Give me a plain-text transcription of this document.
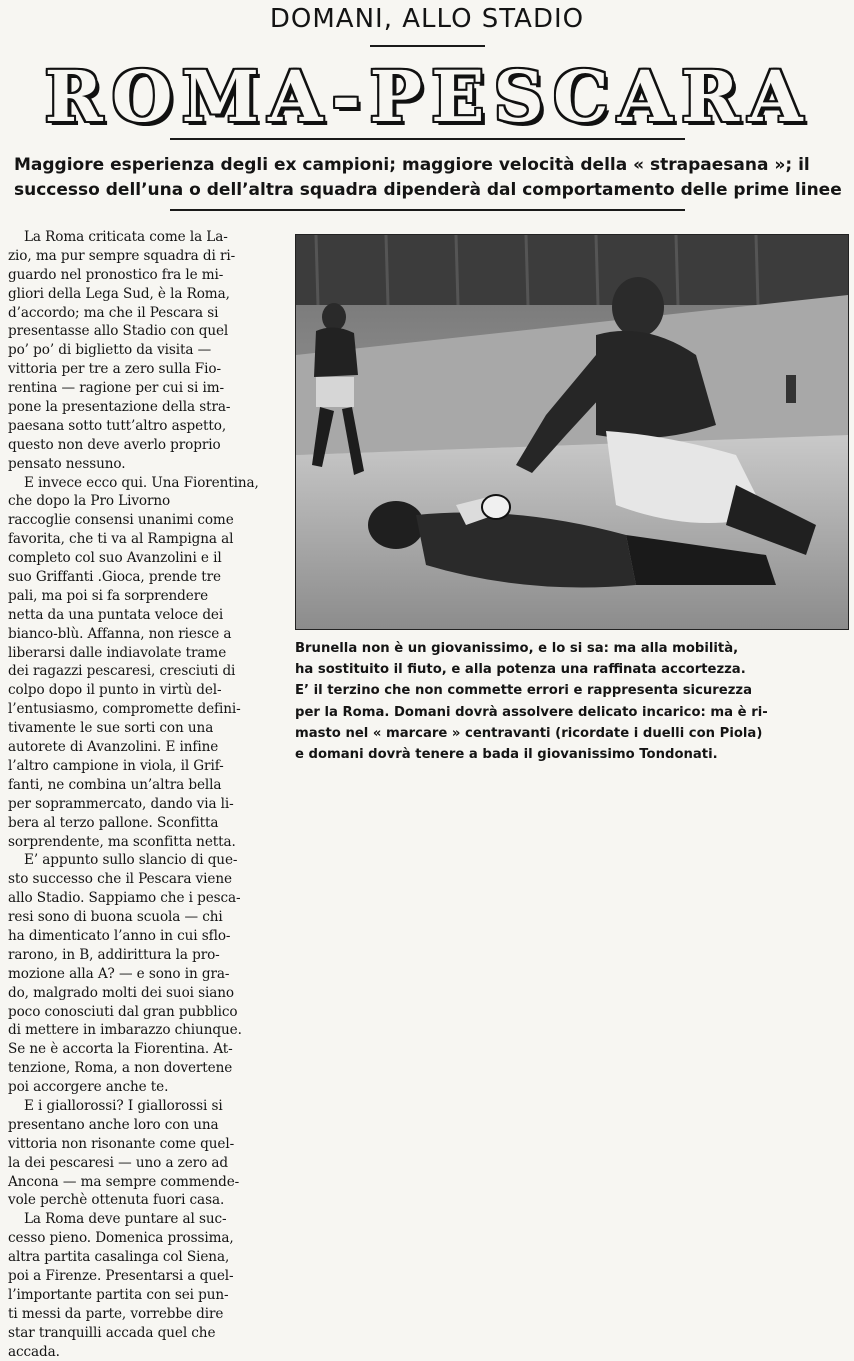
DOMANI, ALLO STADIO
ROMA-PESCARA
Maggiore esperienza degli ex campioni; maggiore velocità della « strapaesana »; il
successo dell’una o dell’altra squadra dipenderà dal comportamento delle prime linee
La Roma criticata come la La-
zio, ma pur sempre squadra di ri-
guardo nel pronostico fra le mi-
gliori della Lega Sud, è la Roma,
d’accordo; ma che il Pescara si
presentasse allo Stadio con quel
po’ po’ di biglietto da visita —
vittoria per tre a zero sulla Fio-
rentina — ragione per cui si im-
pone la presentazione della stra-
paesana sotto tutt’altro aspetto,
questo non deve averlo proprio
pensato nessuno.
E invece ecco qui. Una Fiorentina,
che dopo la Pro Livorno
raccoglie consensi unanimi come
favorita, che ti va al Rampigna al
completo col suo Avanzolini e il
suo Griffanti .Gioca, prende tre
pali, ma poi si fa sorprendere
netta da una puntata veloce dei
bianco-blù. Affanna, non riesce a
liberarsi dalle indiavolate trame
dei ragazzi pescaresi, cresciuti di
colpo dopo il punto in virtù del-
l’entusiasmo, compromette defini-
tivamente le sue sorti con una
autorete di Avanzolini. E infine
l’altro campione in viola, il Grif-
fanti, ne combina un’altra bella
per soprammercato, dando via li-
bera al terzo pallone. Sconfitta
sorprendente, ma sconfitta netta.
E’ appunto sullo slancio di que-
sto successo che il Pescara viene
allo Stadio. Sappiamo che i pesca-
resi sono di buona scuola — chi
ha dimenticato l’anno in cui sflo-
rarono, in B, addirittura la pro-
mozione alla A? — e sono in gra-
do, malgrado molti dei suoi siano
poco conosciuti dal gran pubblico
di mettere in imbarazzo chiunque.
Se ne è accorta la Fiorentina. At-
tenzione, Roma, a non dovertene
poi accorgere anche te.
E i giallorossi? I giallorossi si
presentano anche loro con una
vittoria non risonante come quel-
la dei pescaresi — uno a zero ad
Ancona — ma sempre commende-
vole perchè ottenuta fuori casa.
La Roma deve puntare al suc-
cesso pieno. Domenica prossima,
altra partita casalinga col Siena,
poi a Firenze. Presentarsi a quel-
l’importante partita con sei pun-
ti messi da parte, vorrebbe dire
star tranquilli accada quel che
accada.
Brunella non è un giovanissimo, e lo si sa: ma alla mobilità,
ha sostituito il fiuto, e alla potenza una raffinata accortezza.
E’ il terzino che non commette errori e rappresenta sicurezza
per la Roma. Domani dovrà assolvere delicato incarico: ma è ri-
masto nel « marcare » centravanti (ricordate i duelli con Piola)
e domani dovrà tenere a bada il giovanissimo Tondonati.
